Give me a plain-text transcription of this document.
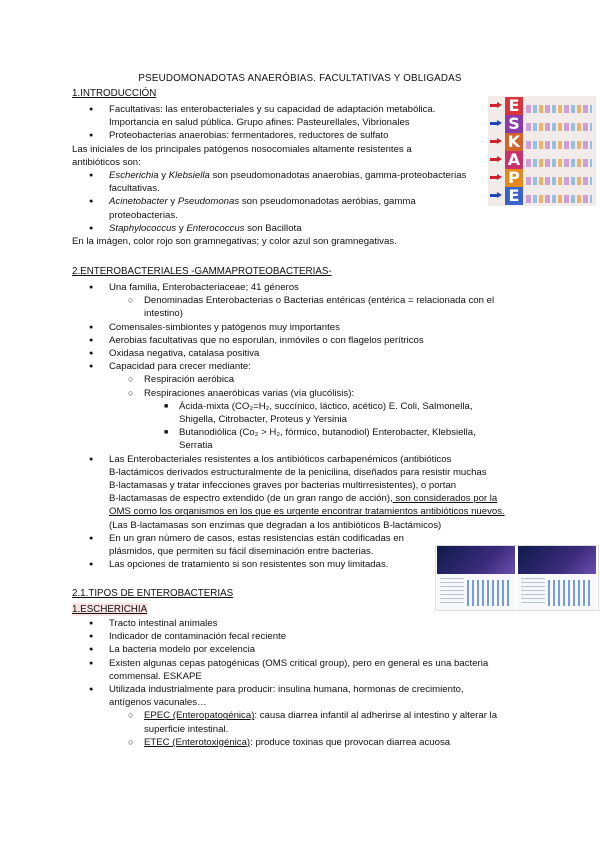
PSEUDOMONADOTAS ANAERÓBIAS. FACULTATIVAS Y OBLIGADAS
1.INTRODUCCIÓN

● Facultativas: las enterobacteriales y su capacidad de adaptación metabólica.
Importancia en salud pública. Grupo afines: Pasteurellales, Vibrionales

● Proteobacterias anaerobias: fermentadores, reductores de sulfato

Las iniciales de los principales patógenos nosocomiales altamente resistentes a
antibióticos son:

● Escherichia y Klebsiella son pseudomonadotas anaerobias, gamma-proteobacterias
facultativas.

● Acinetobacter y Pseudomonas son pseudomonadotas aeróbias, gamma
proteobacterias.

● Staphylococcus y Enterococcus son Bacillota

En la imágen, color rojo son gramnegativas; y color azul son gramnegativas.

E
S
K
A
P
E
2.ENTEROBACTERIALES -GAMMAPROTEOBACTERIAS-

● Una familia, Enterobacteriaceae; 41 géneros

○ Denominadas Enterobacterias o Bacterias entéricas (entérica = relacionada con el
intestino)

● Comensales-simbiontes y patógenos muy importantes

● Aerobias facultativas que no esporulan, inmóviles o con flagelos perítricos

● Oxidasa negativa, catalasa positiva

● Capacidad para crecer mediante:

○ Respiración aeróbica

○ Respiraciones anaeróbicas varias (vía glucólisis):

■ Ácida-mixta (CO₂=H₂, succínico, láctico, acético) E. Coli, Salmonella,
Shigella, Citrobacter, Proteus y Yersinia

■ Butanodiólica (Co₂ > H₂, fórmico, butanodiol) Enterobacter, Klebsiella,
Serratia

● Las Enterobacteriales resistentes a los antibióticos carbapenémicos (antibióticos
B-lactámicos derivados estructuralmente de la penicilina, diseñados para resistir muchas
B-lactamasas y tratar infecciones graves por bacterias multirresistentes), o portan
B-lactamasas de espectro extendido (de un gran rango de acción), son considerados por la
OMS como los organismos en los que es urgente encontrar tratamientos antibióticos nuevos.
(Las B-lactamasas son enzimas que degradan a los antibióticos B-lactámicos)

● En un gran número de casos, estas resistencias están codificadas en
plásmidos, que permiten su fácil diseminación entre bacterias.

● Las opciones de tratamiento si son resistentes son muy limitadas.

2.1.TIPOS DE ENTEROBACTERIAS
1.ESCHERICHIA

● Tracto intestinal animales

● Indicador de contaminación fecal reciente

● La bacteria modelo por excelencia

● Existen algunas cepas patogénicas (OMS critical group), pero en general es una bacteria
commensal. ESKAPE

● Utilizada industrialmente para producir: insulina humana, hormonas de crecimiento,
antígenos vacunales…

○ EPEC (Enteropatogénica): causa diarrea infantil al adherirse al intestino y alterar la
superficie intestinal.

○ ETEC (Enterotoxigénica): produce toxinas que provocan diarrea acuosa
